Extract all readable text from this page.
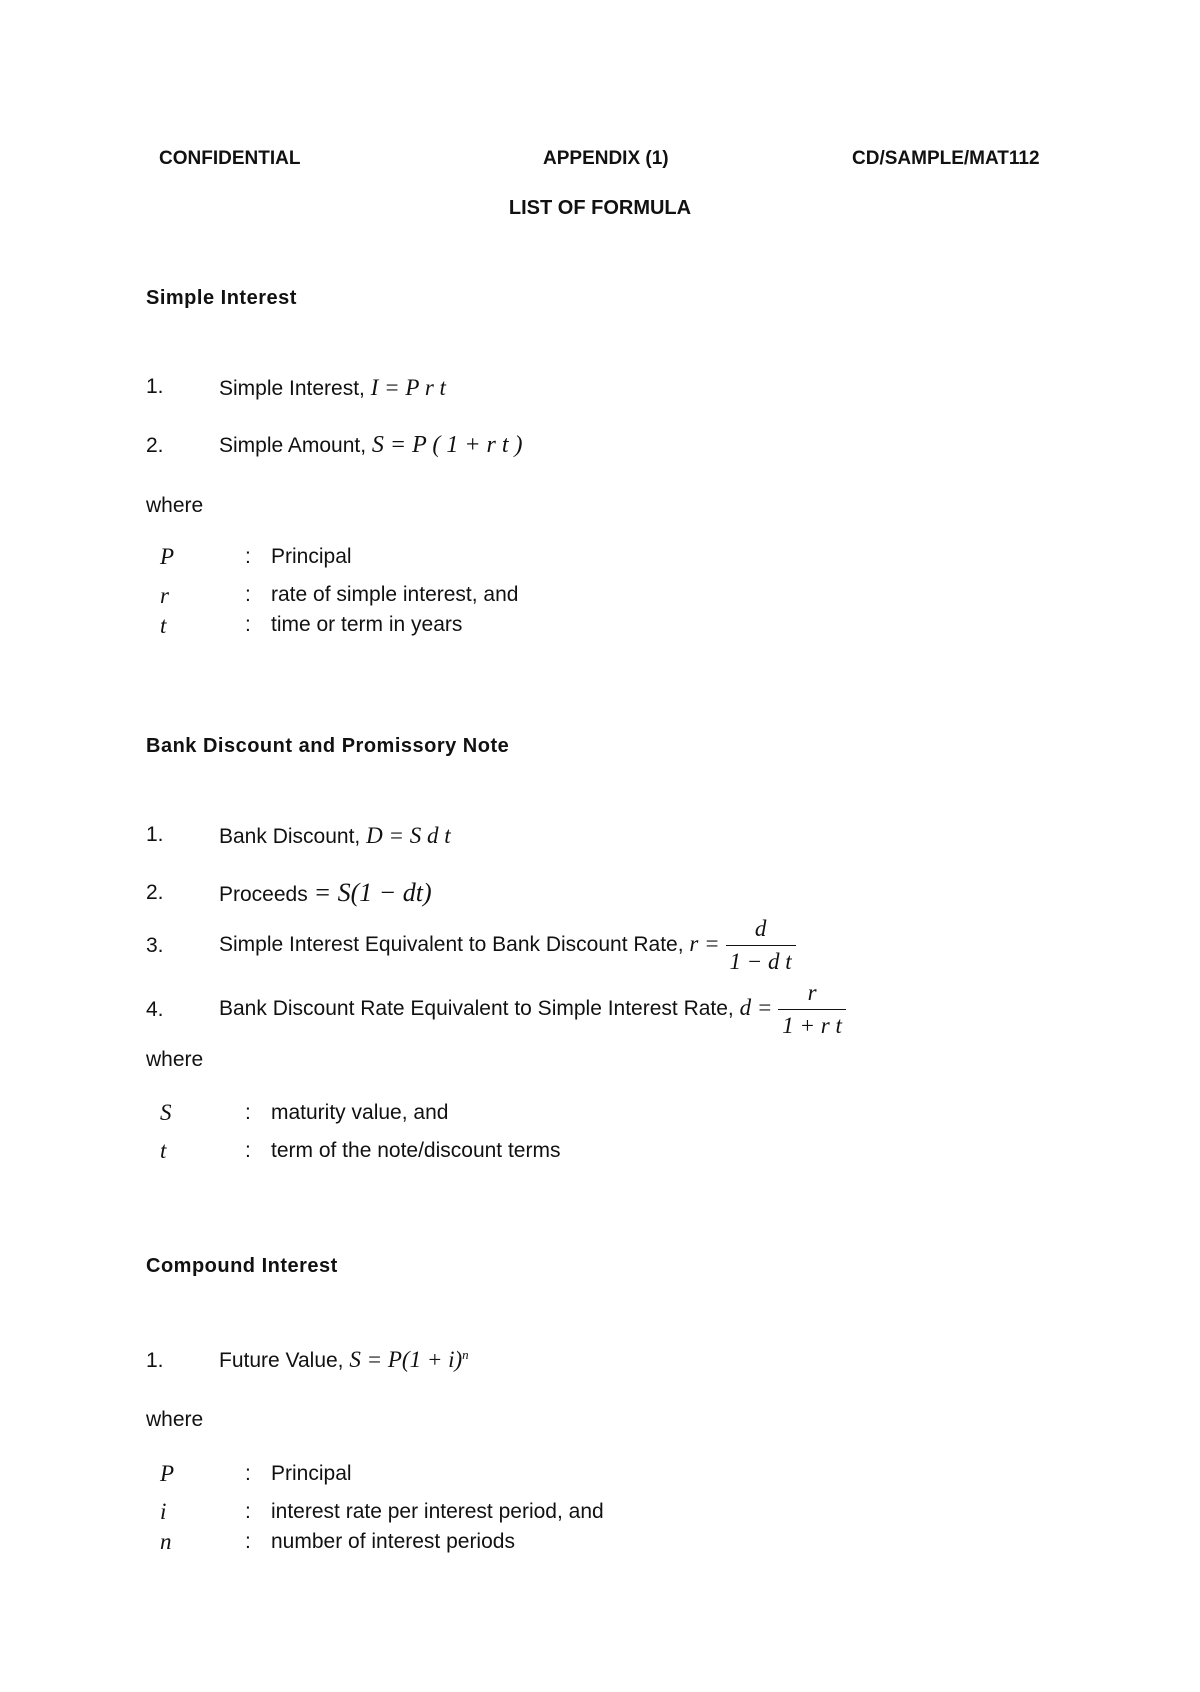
CONFIDENTIAL	APPENDIX (1)	CD/SAMPLE/MAT112
LIST OF FORMULA
Simple Interest
1.	Simple Interest, I = P r t
2.	Simple Amount, S = P ( 1 + r t )
where
P	: Principal
r	: rate of simple interest, and
t	: time or term in years
Bank Discount and Promissory Note
1.	Bank Discount, D = S d t
2.	Proceeds = S(1 − dt)
3.	Simple Interest Equivalent to Bank Discount Rate, $r = \frac{d}{\text{1 − d t}}$
4.	Bank Discount Rate Equivalent to Simple Interest Rate, $d = \frac{r}{\text{1 + r t}}$
where
S	: maturity value, and
t	: term of the note/discount terms
Compound Interest
1.	Future Value, $S = P(1 + i)^n$
where
P	: Principal
i	: interest rate per interest period, and
n	: number of interest periods
